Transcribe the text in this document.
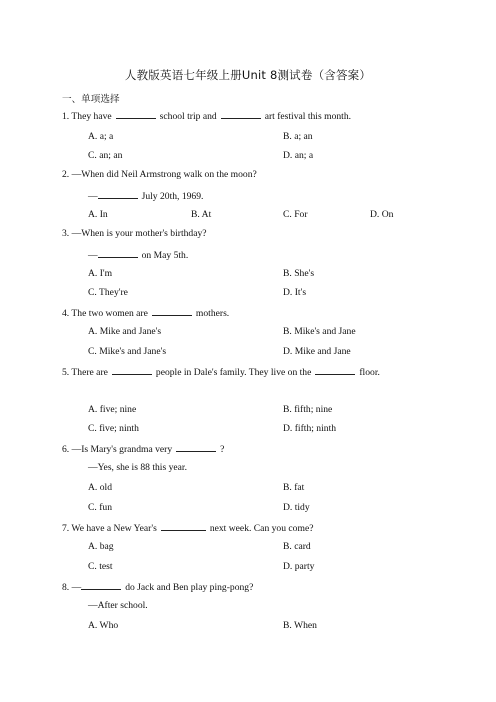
人教版英语七年级上册Unit 8测试卷（含答案）
一、单项选择
1. They have	school trip and	art festival this month.
A. a; a	B. a; an
C. an; an	D. an; a
2. —When did Neil Armstrong walk on the moon?
—	July 20th, 1969.
A. In	B. At	C. For	D. On
3. —When is your mother's birthday?
—	on May 5th.
A. I'm	B. She's
C. They're	D. It's
4. The two women are	mothers.
A. Mike and Jane's	B. Mike's and Jane
C. Mike's and Jane's	D. Mike and Jane
5. There are	people in Dale's family. They live on the	floor.
A. five; nine	B. fifth; nine
C. five; ninth	D. fifth; ninth
6. —Is Mary's grandma very	?
—Yes, she is 88 this year.
A. old	B. fat
C. fun	D. tidy
7. We have a New Year's	next week. Can you come?
A. bag	B. card
C. test	D. party
8. —	do Jack and Ben play ping-pong?
—After school.
A. Who	B. When
